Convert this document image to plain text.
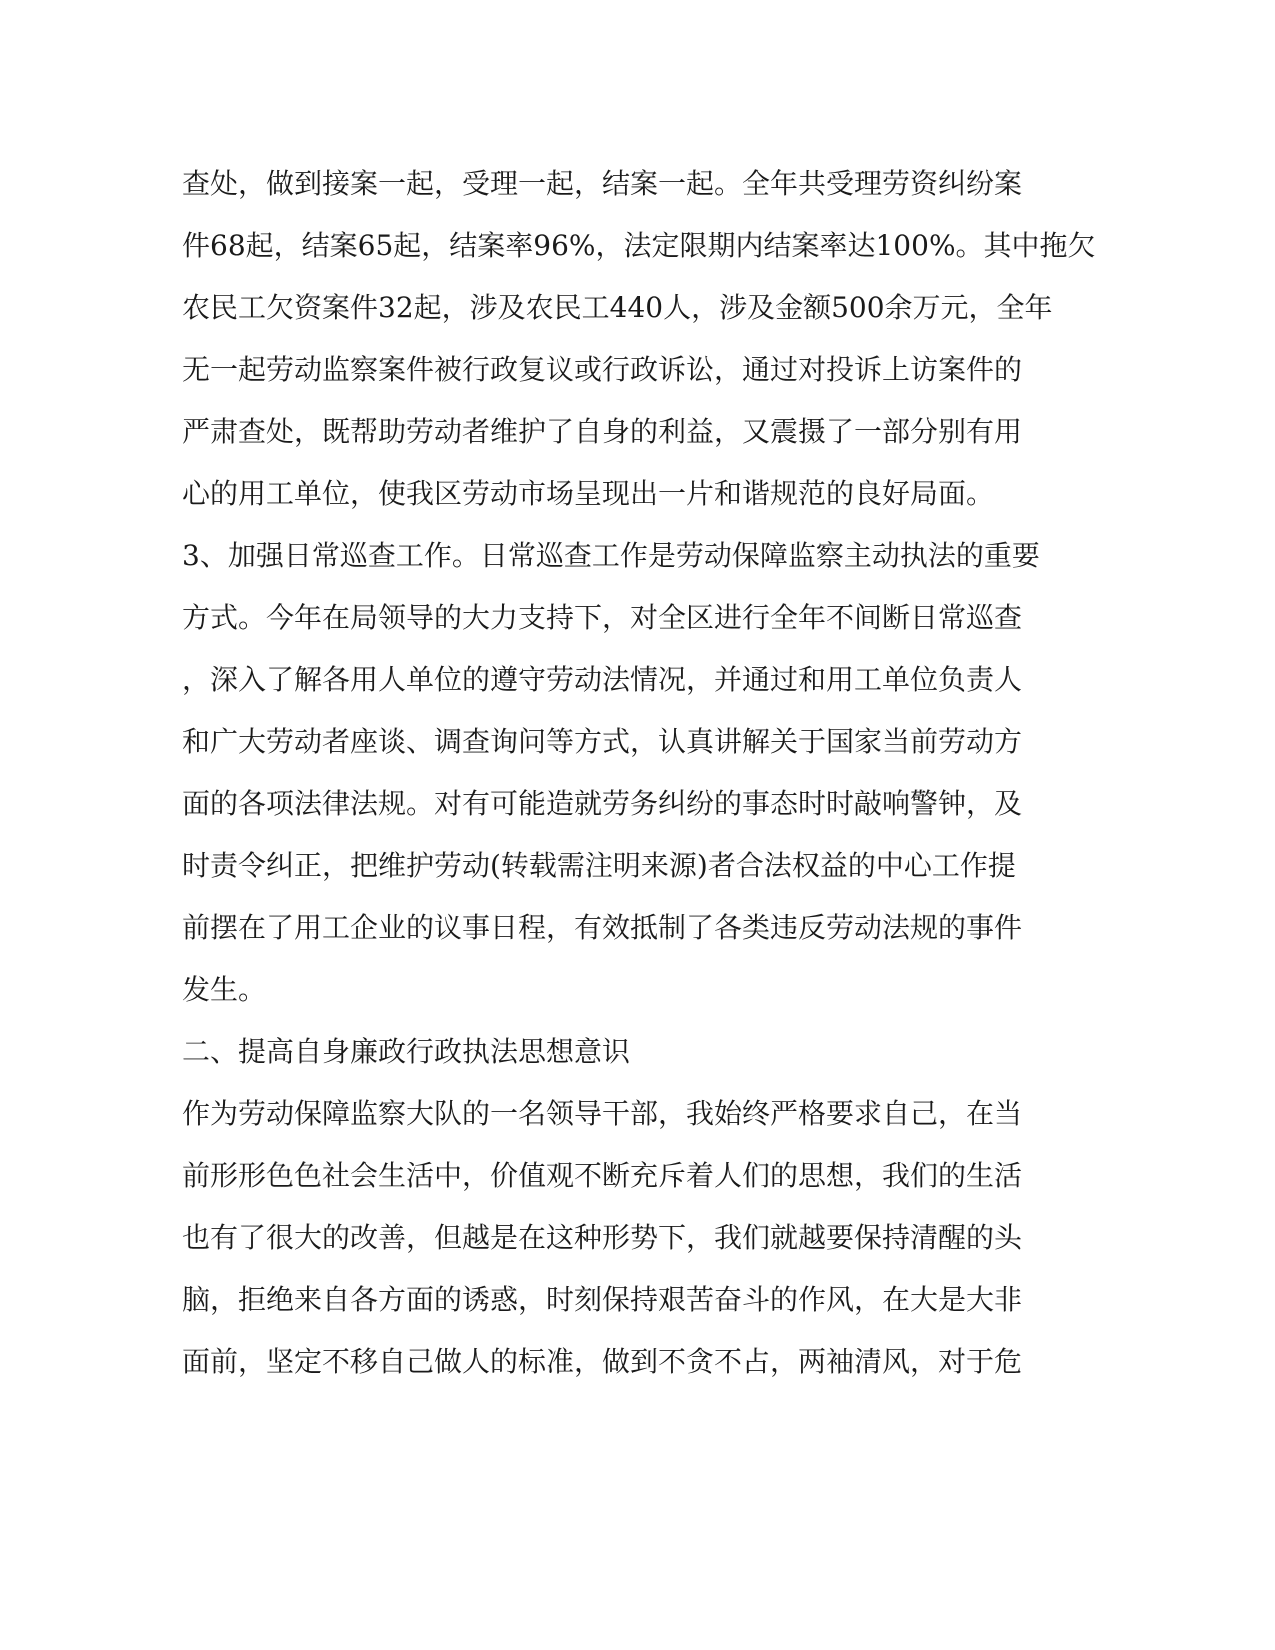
查处，做到接案一起，受理一起，结案一起。全年共受理劳资纠纷案
件68起，结案65起，结案率96%，法定限期内结案率达100%。其中拖欠
农民工欠资案件32起，涉及农民工440人，涉及金额500余万元，全年
无一起劳动监察案件被行政复议或行政诉讼，通过对投诉上访案件的
严肃查处，既帮助劳动者维护了自身的利益，又震摄了一部分别有用
心的用工单位，使我区劳动市场呈现出一片和谐规范的良好局面。
3、加强日常巡查工作。日常巡查工作是劳动保障监察主动执法的重要
方式。今年在局领导的大力支持下，对全区进行全年不间断日常巡查
，深入了解各用人单位的遵守劳动法情况，并通过和用工单位负责人
和广大劳动者座谈、调查询问等方式，认真讲解关于国家当前劳动方
面的各项法律法规。对有可能造就劳务纠纷的事态时时敲响警钟，及
时责令纠正，把维护劳动(转载需注明来源)者合法权益的中心工作提
前摆在了用工企业的议事日程，有效抵制了各类违反劳动法规的事件
发生。
二、提高自身廉政行政执法思想意识
作为劳动保障监察大队的一名领导干部，我始终严格要求自己，在当
前形形色色社会生活中，价值观不断充斥着人们的思想，我们的生活
也有了很大的改善，但越是在这种形势下，我们就越要保持清醒的头
脑，拒绝来自各方面的诱惑，时刻保持艰苦奋斗的作风，在大是大非
面前，坚定不移自己做人的标准，做到不贪不占，两袖清风，对于危
